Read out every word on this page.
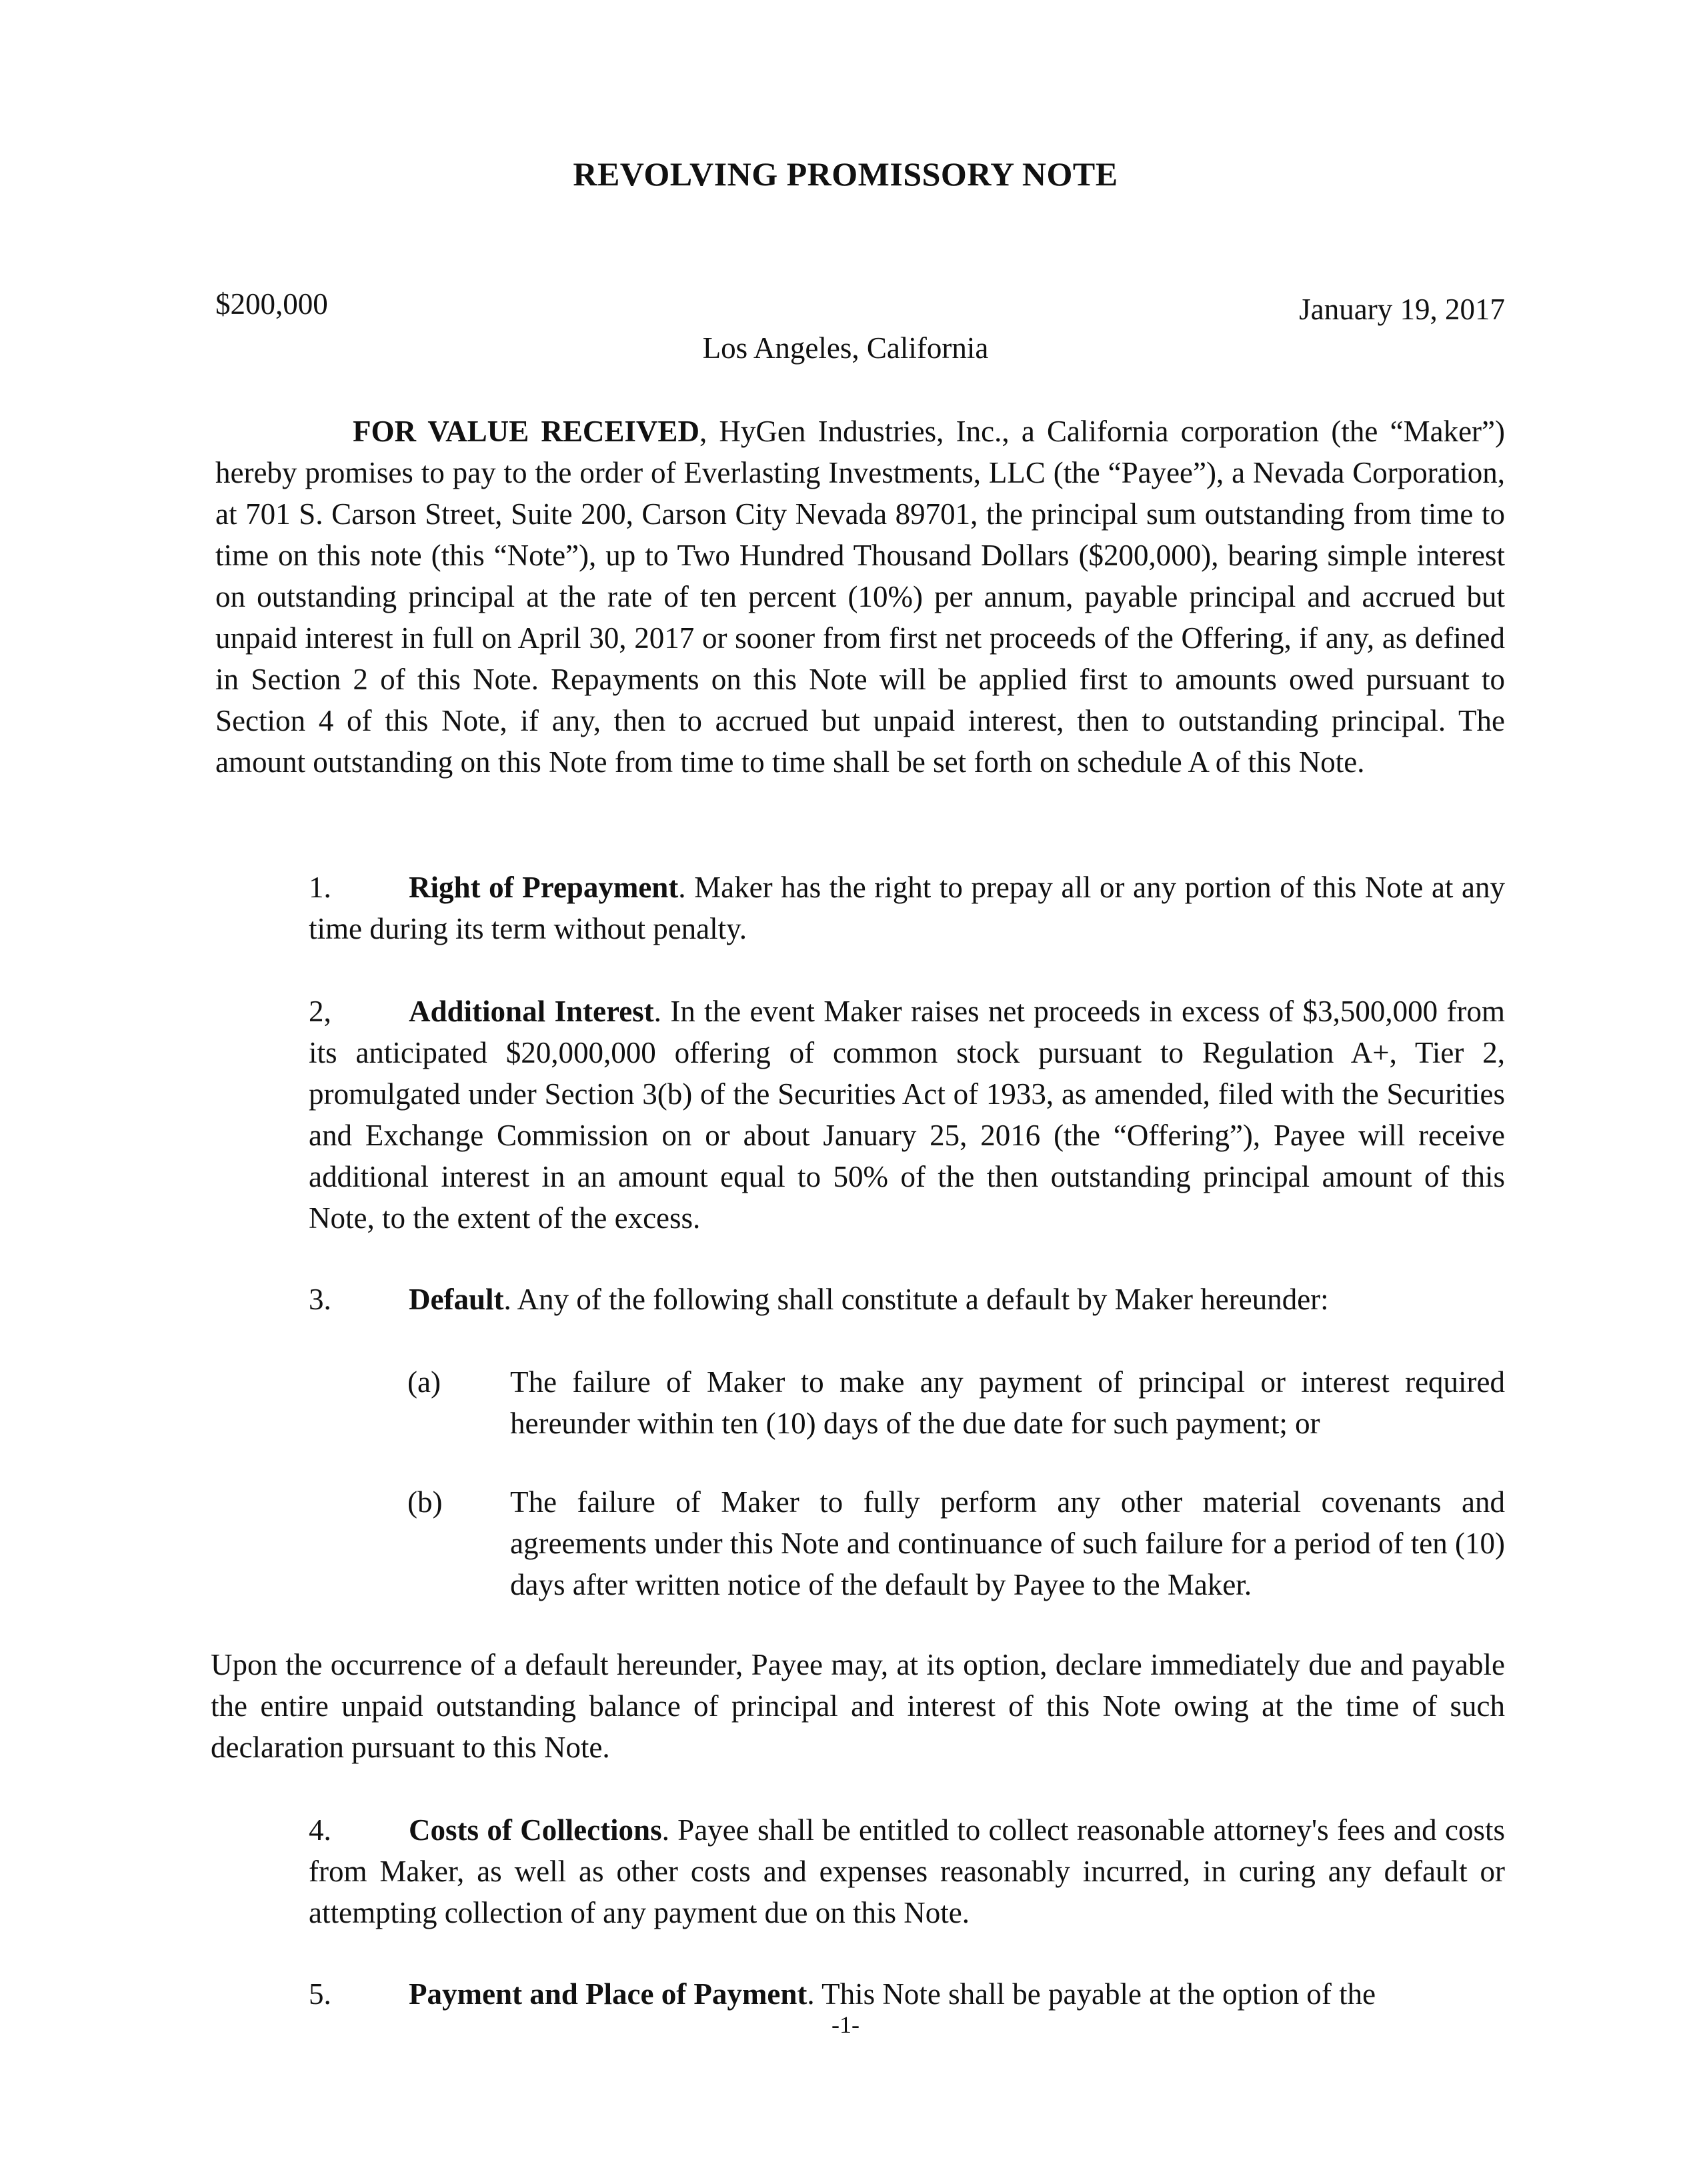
REVOLVING PROMISSORY NOTE
$200,000	January 19, 2017
Los Angeles, California
FOR VALUE RECEIVED, HyGen Industries, Inc., a California corporation (the “Maker”) hereby promises to pay to the order of Everlasting Investments, LLC (the “Payee”), a Nevada Corporation, at 701 S. Carson Street, Suite 200, Carson City Nevada 89701, the principal sum outstanding from time to time on this note (this “Note”), up to Two Hundred Thousand Dollars ($200,000), bearing simple interest on outstanding principal at the rate of ten percent (10%) per annum, payable principal and accrued but unpaid interest in full on April 30, 2017 or sooner from first net proceeds of the Offering, if any, as defined in Section 2 of this Note. Repayments on this Note will be applied first to amounts owed pursuant to Section 4 of this Note, if any, then to accrued but unpaid interest, then to outstanding principal. The amount outstanding on this Note from time to time shall be set forth on schedule A of this Note.
1.	Right of Prepayment. Maker has the right to prepay all or any portion of this Note at any time during its term without penalty.
2,	Additional Interest. In the event Maker raises net proceeds in excess of $3,500,000 from its anticipated $20,000,000 offering of common stock pursuant to Regulation A+, Tier 2, promulgated under Section 3(b) of the Securities Act of 1933, as amended, filed with the Securities and Exchange Commission on or about January 25, 2016 (the “Offering”), Payee will receive additional interest in an amount equal to 50% of the then outstanding principal amount of this Note, to the extent of the excess.
3.	Default. Any of the following shall constitute a default by Maker hereunder:
(a)	The failure of Maker to make any payment of principal or interest required hereunder within ten (10) days of the due date for such payment; or
(b)	The failure of Maker to fully perform any other material covenants and agreements under this Note and continuance of such failure for a period of ten (10) days after written notice of the default by Payee to the Maker.
Upon the occurrence of a default hereunder, Payee may, at its option, declare immediately due and payable the entire unpaid outstanding balance of principal and interest of this Note owing at the time of such declaration pursuant to this Note.
4.	Costs of Collections. Payee shall be entitled to collect reasonable attorney's fees and costs from Maker, as well as other costs and expenses reasonably incurred, in curing any default or attempting collection of any payment due on this Note.
5.	Payment and Place of Payment. This Note shall be payable at the option of the
-1-
